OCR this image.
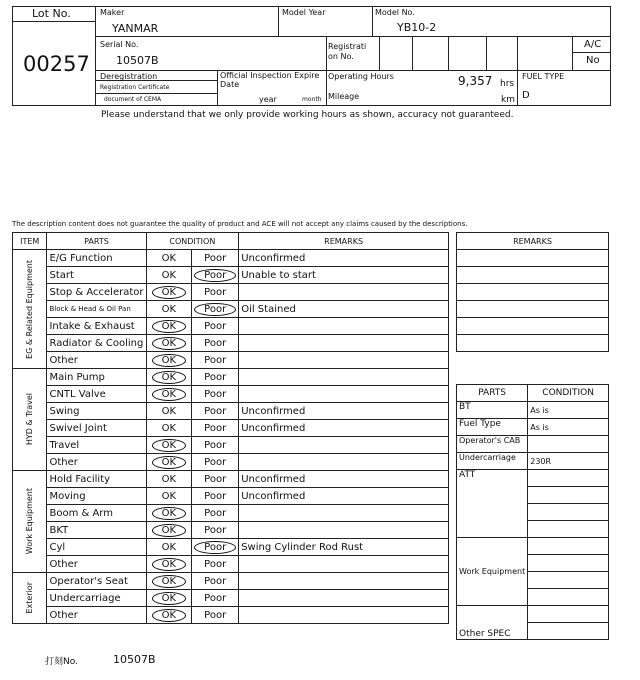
Lot No.
00257
Maker
YANMAR
Model Year	Model No.
YB10-2
Serial No.
10507B
Registrati on No.
A/C
No
Deregistration
Registration Certificate
document of CEMA
Official Inspection Expire Date
year	month
Operating Hours	9,357 hrs
Mileage	km
FUEL TYPE
D
Please understand that we only provide working hours as shown, accuracy not guaranteed.
The description content does not guarantee the quality of product and ACE will not accept any claims caused by the descriptions.
ITEM	PARTS	CONDITION		REMARKS

EG & Related Equipment	E/G Function	OK	Poor	Unconfirmed
	Start	OK	Poor	Unable to start
	Stop & Accelerator	OK	Poor	
	Block & Head & Oil Pan	OK	Poor	Oil Stained
	Intake & Exhaust	OK	Poor	
	Radiator & Cooling	OK	Poor	
	Other	OK	Poor	

HYD & Travel	Main Pump	OK	Poor	
	CNTL Valve	OK	Poor	
	Swing	OK	Poor	Unconfirmed
	Swivel Joint	OK	Poor	Unconfirmed
	Travel	OK	Poor	
	Other	OK	Poor	

Work Equipment	Hold Facility	OK	Poor	Unconfirmed
	Moving	OK	Poor	Unconfirmed
	Boom & Arm	OK	Poor	
	BKT	OK	Poor	
	Cyl	OK	Poor	Swing Cylinder Rod Rust
	Other	OK	Poor	

Exterior	Operator's Seat	OK	Poor	
	Undercarriage	OK	Poor	
	Other	OK	Poor	
REMARKS

PARTS	CONDITION
BT	As is
Fuel Type	As is
Operator's CAB	
Undercarriage	230R
ATT	

Work Equipment	

Other SPEC	

打刻No.	10507B
